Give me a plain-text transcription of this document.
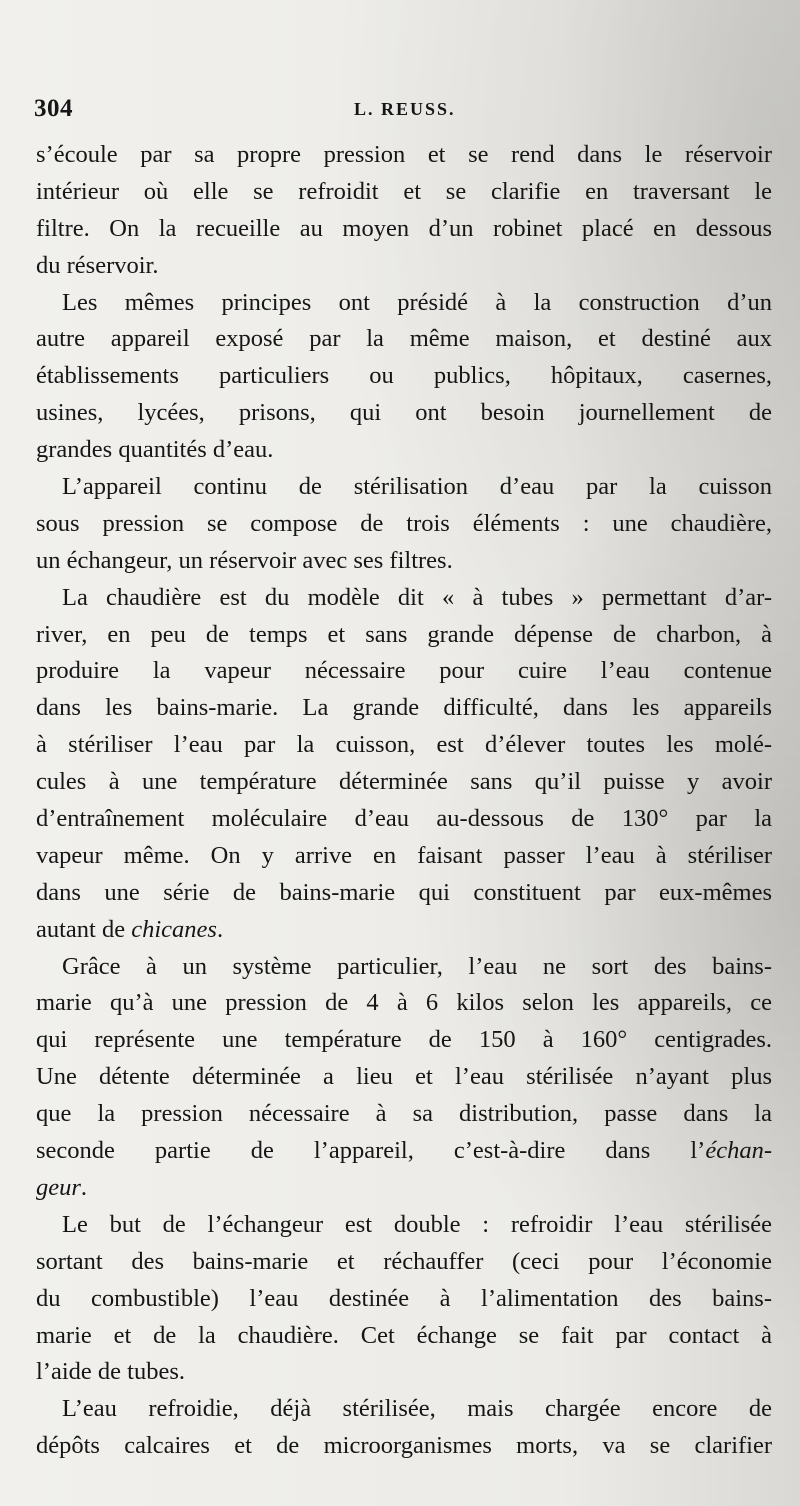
304	L. REUSS.
s’écoule par sa propre pression et se rend dans le réservoir
intérieur où elle se refroidit et se clarifie en traversant le
filtre. On la recueille au moyen d’un robinet placé en dessous
du réservoir.
Les mêmes principes ont présidé à la construction d’un
autre appareil exposé par la même maison, et destiné aux
établissements particuliers ou publics, hôpitaux, casernes,
usines, lycées, prisons, qui ont besoin journellement de
grandes quantités d’eau.
L’appareil continu de stérilisation d’eau par la cuisson
sous pression se compose de trois éléments : une chaudière,
un échangeur, un réservoir avec ses filtres.
La chaudière est du modèle dit « à tubes » permettant d’ar-
river, en peu de temps et sans grande dépense de charbon, à
produire la vapeur nécessaire pour cuire l’eau contenue
dans les bains-marie. La grande difficulté, dans les appareils
à stériliser l’eau par la cuisson, est d’élever toutes les molé-
cules à une température déterminée sans qu’il puisse y avoir
d’entraînement moléculaire d’eau au-dessous de 130° par la
vapeur même. On y arrive en faisant passer l’eau à stériliser
dans une série de bains-marie qui constituent par eux-mêmes
autant de chicanes.
Grâce à un système particulier, l’eau ne sort des bains-
marie qu’à une pression de 4 à 6 kilos selon les appareils, ce
qui représente une température de 150 à 160° centigrades.
Une détente déterminée a lieu et l’eau stérilisée n’ayant plus
que la pression nécessaire à sa distribution, passe dans la
seconde partie de l’appareil, c’est-à-dire dans l’échan-
geur.
Le but de l’échangeur est double : refroidir l’eau stérilisée
sortant des bains-marie et réchauffer (ceci pour l’économie
du combustible) l’eau destinée à l’alimentation des bains-
marie et de la chaudière. Cet échange se fait par contact à
l’aide de tubes.
L’eau refroidie, déjà stérilisée, mais chargée encore de
dépôts calcaires et de microorganismes morts, va se clarifier
